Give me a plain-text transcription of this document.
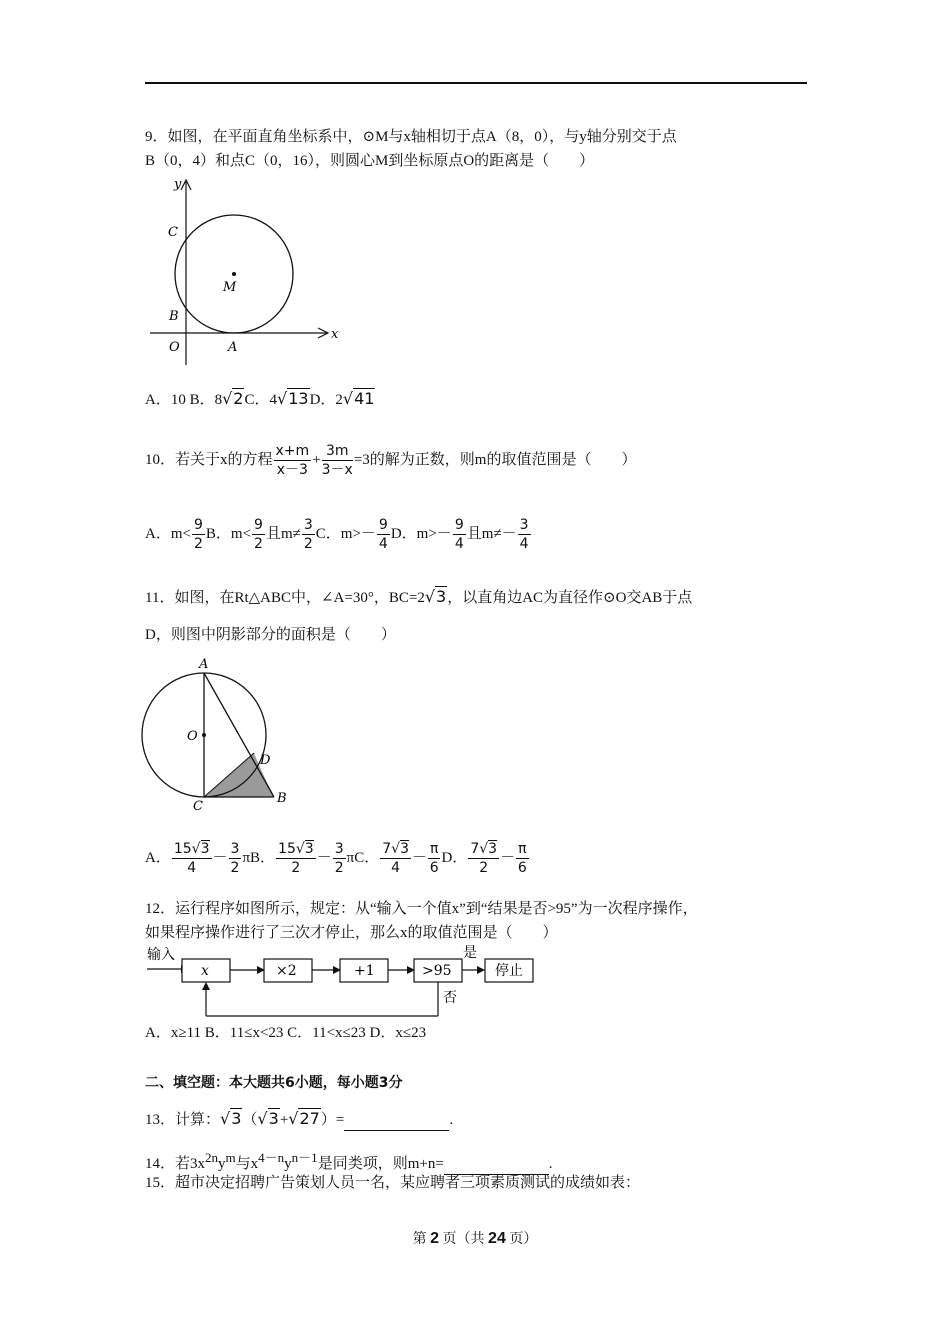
9．如图，在平面直角坐标系中，⊙M与x轴相切于点A（8，0），与y轴分别交于点
B（0，4）和点C（0，16），则圆心M到坐标原点O的距离是（　　）
y
x
C
B
O	A
M
A．10 B．8√2C．4√13D．2√41
10．若关于x的方程 $\frac{x+m}{x-3} + \frac{3m}{3-x} =3$的解为正数，则m的取值范围是（　　）
A．$m< \frac{9}{2}$ B．$m< \frac{9}{2}$ 且$m\ne \frac{3}{2}$ C．$m>- \frac{9}{4}$ D．$m>- \frac{9}{4}$ 且$m\ne- \frac{3}{4}$
11．如图，在Rt△ABC中，∠A=30°，BC=2√3，以直角边AC为直径作⊙O交AB于点
D，则图中阴影部分的面积是（　　）
A
O
D
C
B
A． $\frac{15√3}{4} - \frac{3}{2}$ πB． $\frac{15√3}{2} - \frac{3}{2}$ πC． $\frac{7√3}{4} - \frac{\pi}{6}$ D． $\frac{7√3}{2} - \frac{\pi}{6}$
12．运行程序如图所示，规定：从“输入一个值x”到“结果是否>95”为一次程序操作，
如果程序操作进行了三次才停止，那么x的取值范围是（　　）
输入
x	×2	+1	>95
是
停止
否
A．x≥11 B．11≤x<23 C．11<x≤23 D．x≤23
二、填空题：本大题共6小题，每小题3分
13．计算：√3（√3+√27）=	.
14．若$3x^{2n}y^m$与$x^{4-n}y^{n-1}$是同类项，则m+n=	.
15．超市决定招聘广告策划人员一名，某应聘者三项素质测试的成绩如表：
第 2 页（共 24 页）
